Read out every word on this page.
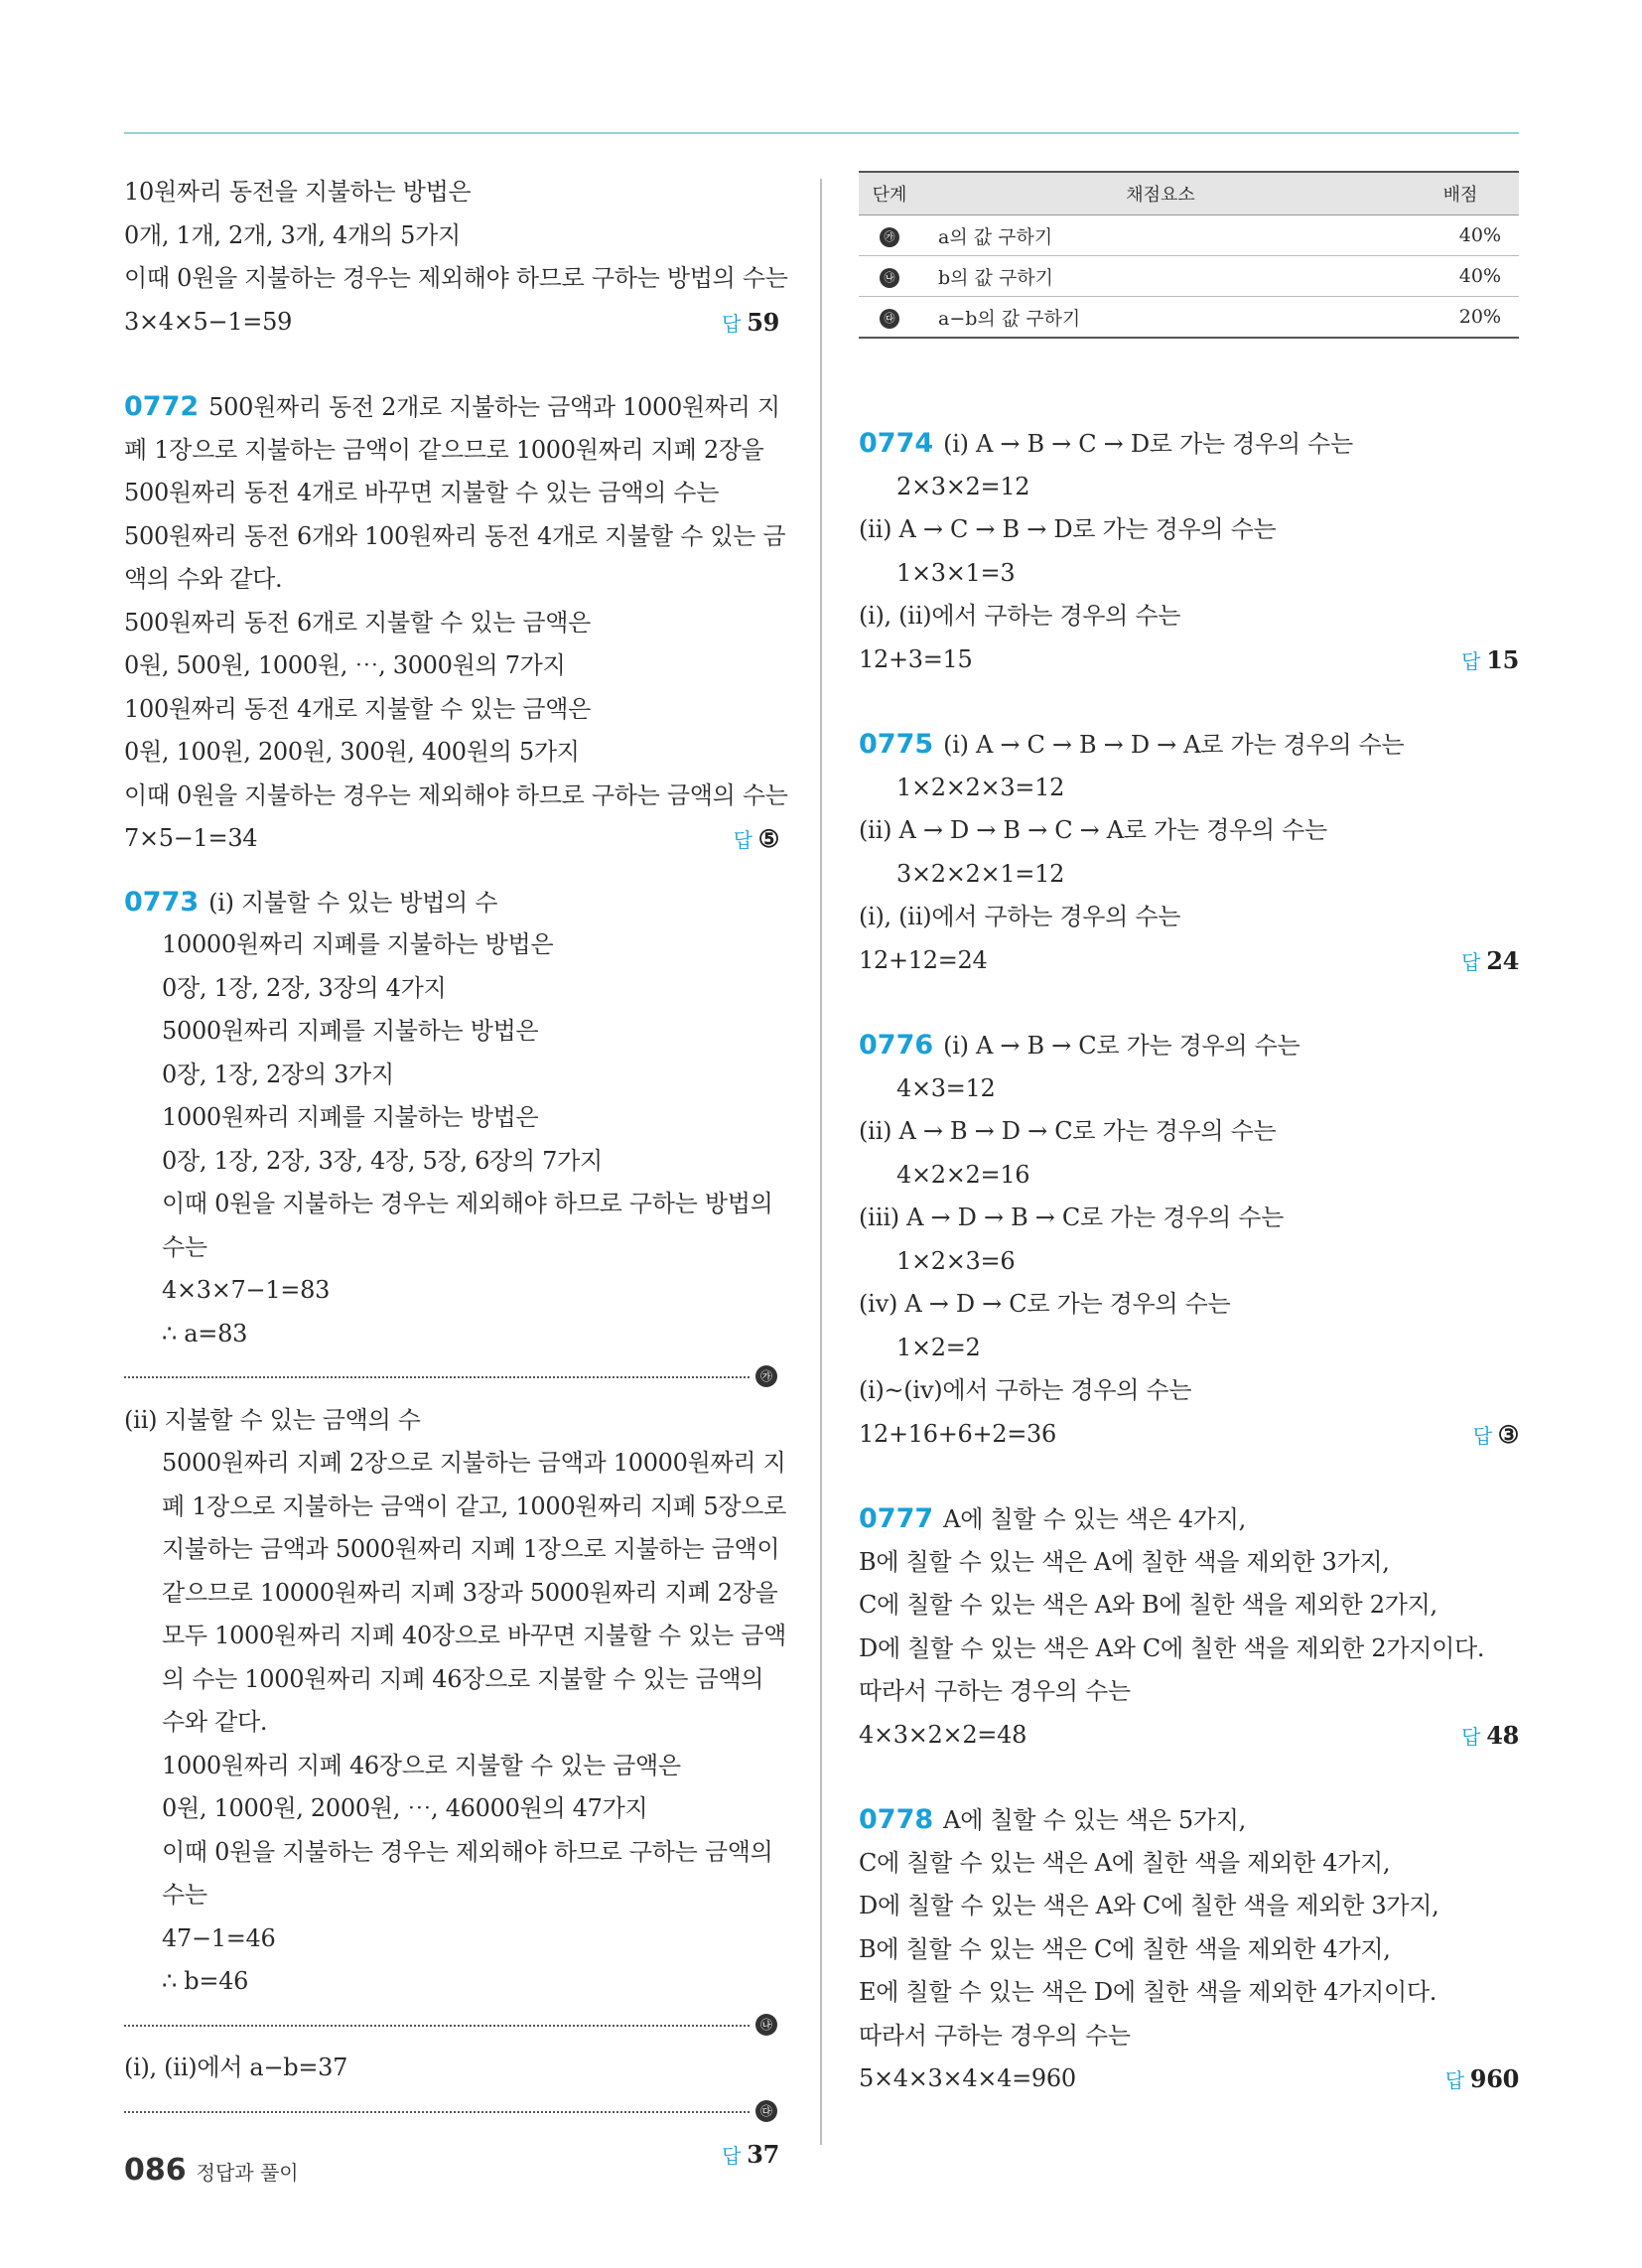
10원짜리 동전을 지불하는 방법은
0개, 1개, 2개, 3개, 4개의 5가지
이때 0원을 지불하는 경우는 제외해야 하므로 구하는 방법의 수는
3×4×5−1=59	답 59
0772 500원짜리 동전 2개로 지불하는 금액과 1000원짜리 지
폐 1장으로 지불하는 금액이 같으므로 1000원짜리 지폐 2장을
500원짜리 동전 4개로 바꾸면 지불할 수 있는 금액의 수는
500원짜리 동전 6개와 100원짜리 동전 4개로 지불할 수 있는 금
액의 수와 같다.
500원짜리 동전 6개로 지불할 수 있는 금액은
0원, 500원, 1000원, ⋯, 3000원의 7가지
100원짜리 동전 4개로 지불할 수 있는 금액은
0원, 100원, 200원, 300원, 400원의 5가지
이때 0원을 지불하는 경우는 제외해야 하므로 구하는 금액의 수는
7×5−1=34	답 ⑤
0773 (ⅰ) 지불할 수 있는 방법의 수
10000원짜리 지폐를 지불하는 방법은
0장, 1장, 2장, 3장의 4가지
5000원짜리 지폐를 지불하는 방법은
0장, 1장, 2장의 3가지
1000원짜리 지폐를 지불하는 방법은
0장, 1장, 2장, 3장, 4장, 5장, 6장의 7가지
이때 0원을 지불하는 경우는 제외해야 하므로 구하는 방법의
수는
4×3×7−1=83
∴ a=83
㉮
(ⅱ) 지불할 수 있는 금액의 수
5000원짜리 지폐 2장으로 지불하는 금액과 10000원짜리 지
폐 1장으로 지불하는 금액이 같고, 1000원짜리 지폐 5장으로
지불하는 금액과 5000원짜리 지폐 1장으로 지불하는 금액이
같으므로 10000원짜리 지폐 3장과 5000원짜리 지폐 2장을
모두 1000원짜리 지폐 40장으로 바꾸면 지불할 수 있는 금액
의 수는 1000원짜리 지폐 46장으로 지불할 수 있는 금액의
수와 같다.
1000원짜리 지폐 46장으로 지불할 수 있는 금액은
0원, 1000원, 2000원, ⋯, 46000원의 47가지
이때 0원을 지불하는 경우는 제외해야 하므로 구하는 금액의
수는
47−1=46
∴ b=46
㉯
(ⅰ), (ⅱ)에서 a−b=37
㉰
답 37
단계	채점요소	배점
㉮	a의 값 구하기	40%
㉯	b의 값 구하기	40%
㉰	a−b의 값 구하기	20%
0774 (ⅰ) A → B → C → D로 가는 경우의 수는
2×3×2=12
(ⅱ) A → C → B → D로 가는 경우의 수는
1×3×1=3
(ⅰ), (ⅱ)에서 구하는 경우의 수는
12+3=15	답 15
0775 (ⅰ) A → C → B → D → A로 가는 경우의 수는
1×2×2×3=12
(ⅱ) A → D → B → C → A로 가는 경우의 수는
3×2×2×1=12
(ⅰ), (ⅱ)에서 구하는 경우의 수는
12+12=24	답 24
0776 (ⅰ) A → B → C로 가는 경우의 수는
4×3=12
(ⅱ) A → B → D → C로 가는 경우의 수는
4×2×2=16
(ⅲ) A → D → B → C로 가는 경우의 수는
1×2×3=6
(ⅳ) A → D → C로 가는 경우의 수는
1×2=2
(ⅰ)~(ⅳ)에서 구하는 경우의 수는
12+16+6+2=36	답 ③
0777 A에 칠할 수 있는 색은 4가지,
B에 칠할 수 있는 색은 A에 칠한 색을 제외한 3가지,
C에 칠할 수 있는 색은 A와 B에 칠한 색을 제외한 2가지,
D에 칠할 수 있는 색은 A와 C에 칠한 색을 제외한 2가지이다.
따라서 구하는 경우의 수는
4×3×2×2=48	답 48
0778 A에 칠할 수 있는 색은 5가지,
C에 칠할 수 있는 색은 A에 칠한 색을 제외한 4가지,
D에 칠할 수 있는 색은 A와 C에 칠한 색을 제외한 3가지,
B에 칠할 수 있는 색은 C에 칠한 색을 제외한 4가지,
E에 칠할 수 있는 색은 D에 칠한 색을 제외한 4가지이다.
따라서 구하는 경우의 수는
5×4×3×4×4=960	답 960
086 정답과 풀이
